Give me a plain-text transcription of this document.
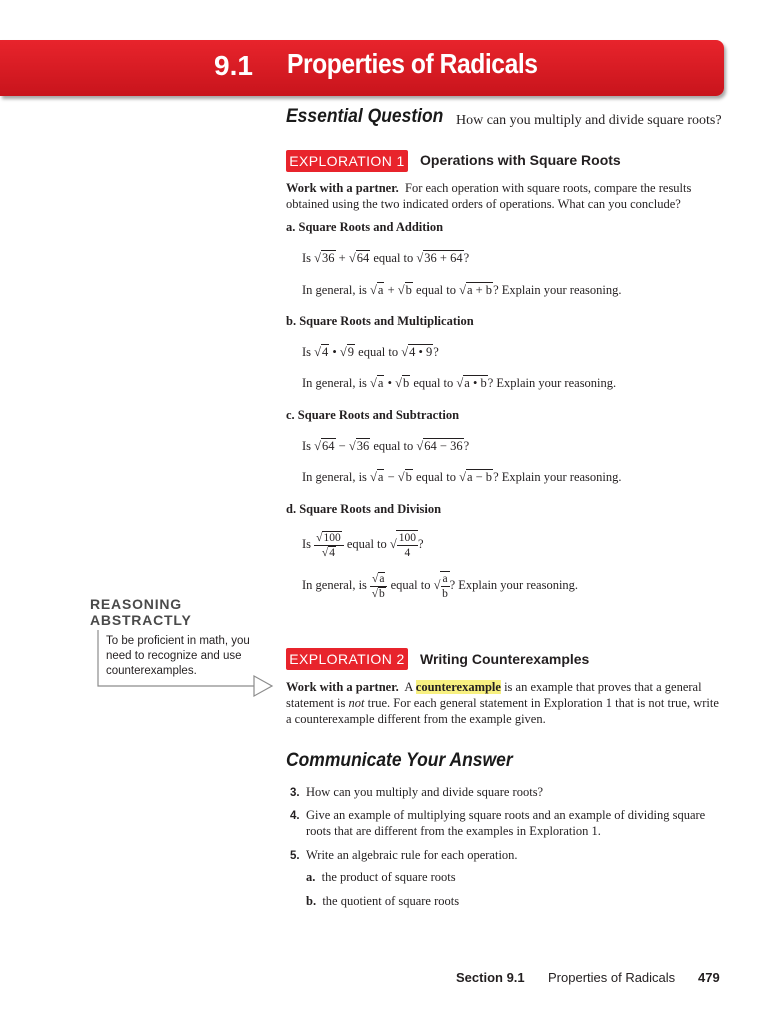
9.1	Properties of Radicals
Essential Question How can you multiply and divide square roots?
EXPLORATION 1 Operations with Square Roots
Work with a partner. For each operation with square roots, compare the results obtained using the two indicated orders of operations. What can you conclude?
a. Square Roots and Addition
Is √36 + √64 equal to √36 + 64?
In general, is √a + √b equal to √a + b? Explain your reasoning.
b. Square Roots and Multiplication
Is √4 • √9 equal to √4 • 9?
In general, is √a • √b equal to √a • b? Explain your reasoning.
c. Square Roots and Subtraction
Is √64 − √36 equal to √64 − 36?
In general, is √a − √b equal to √a − b? Explain your reasoning.
d. Square Roots and Division
Is $\frac{√100}{√4}$ equal to √ $\frac{100}{4}$ ?
In general, is $\frac{√a}{√b}$ equal to √ $\frac{a}{b}$ ? Explain your reasoning.
REASONING
ABSTRACTLY
To be proficient in math, you need to recognize and use counterexamples.
EXPLORATION 2 Writing Counterexamples
Work with a partner. A counterexample is an example that proves that a general statement is not true. For each general statement in Exploration 1 that is not true, write a counterexample different from the example given.
Communicate Your Answer
3. How can you multiply and divide square roots?
4. Give an example of multiplying square roots and an example of dividing square roots that are different from the examples in Exploration 1.
5. Write an algebraic rule for each operation.
a. the product of square roots
b. the quotient of square roots
Section 9.1 Properties of Radicals 479
